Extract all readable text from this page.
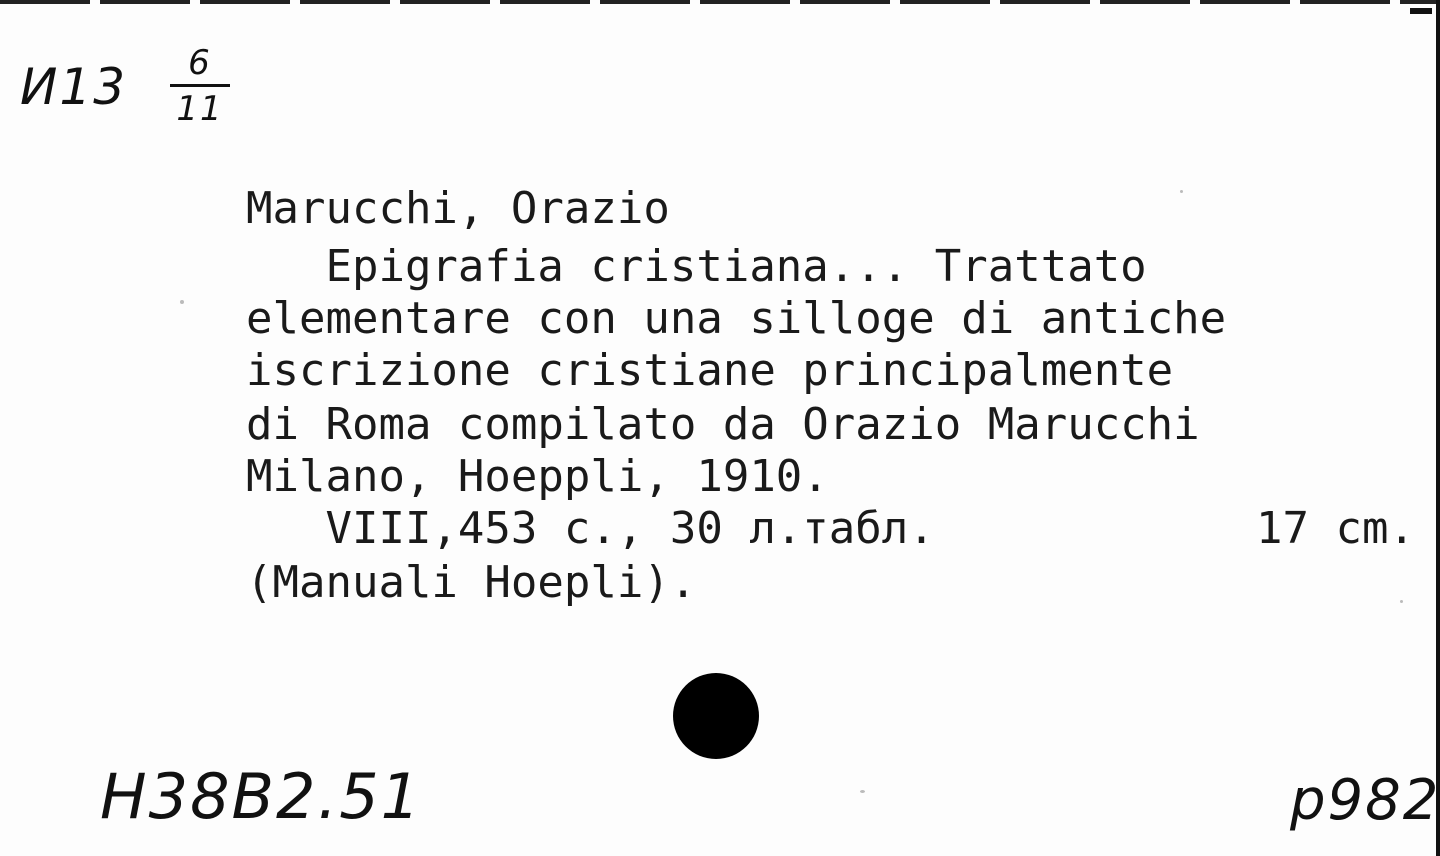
И13	6
11
Marucchi, Orazio
Epigrafia cristiana... Trattato
elementare con una silloge di antiche
iscrizione cristiane principalmente
di Roma compilato da Orazio Marucchi
Milano, Hoeppli, 1910.
VIII,453 c., 30 л.табл.	17 cm.
(Manuali Hoepli).
Н38В2.51	р982
